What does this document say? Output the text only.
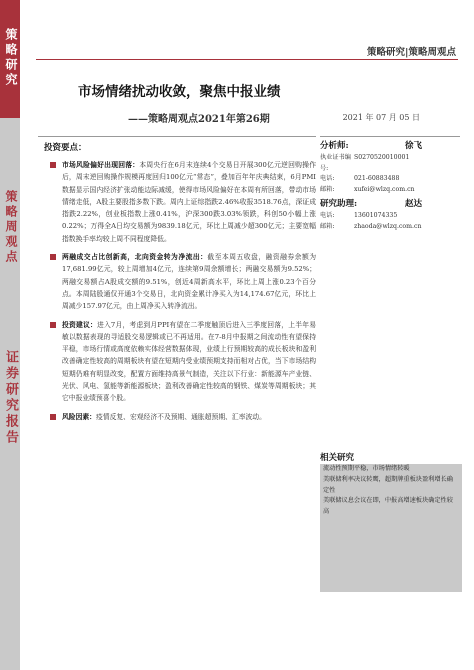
策略研究
策略周观点
证券研究报告
策略研究|策略周观点
市场情绪扰动收敛，聚焦中报业绩
——策略周观点2021年第26期	2021 年 07 月 05 日
投资要点：
市场风险偏好出现回落：本周央行在6月末连续4个交易日开展300亿元逆回购操作后，周末逆回购操作规模再度回归100亿元“常态”，叠加百年年庆典结束，6月PMI数据显示国内经济扩张动能边际减缓，使得市场风险偏好在本周有所回落，带动市场情绪走低，A股主要股指多数下跌。周内上证综指跌2.46%收报3518.76点，深证成指跌2.22%，创业板指数上涨0.41%，沪深300跌3.03%领跌，科创50小幅上涨0.22%；万得全A日均交易额为9839.18亿元，环比上周减少超300亿元；主要宽幅指数换手率均较上周不同程度降低。
两融成交占比创新高，北向资金转为净流出：截至本周五收盘，融资融券余额为17,681.99亿元，较上周增加4亿元，连续第9周余额增长；两融交易额为9.52%；两融交易额占A股成交额的9.51%，创近4周新高水平，环比上周上涨0.23个百分点。本周陆股通仅开通3个交易日，北向资金累计净买入为14,174.67亿元，环比上周减少157.97亿元，由上周净买入转净流出。
投资建议：进入7月，考虑到月PPI有望在二季度触顶后进入三季度回落，上半年易敏以数据表现的寻适股交易逻辑或已不再适用。在7-8月中报期之间流动性有望保持平稳，市场行情或高度依赖实体经营数据体现，业绩上行预期较高的成长板块和盈利改善确定性较高的周期板块有望在短期内受业绩预期支持而相对占优，当下市场结构短期仍难有明显改变，配置方面维持高景气制造，关注以下行业：新能源车产业链、光伏、风电、氢能等新能源板块；盈利改善确定性较高的钢铁、煤炭等周期板块；其它中报业绩预喜个股。
风险因素：疫情反复、宏观经济不及预期、通胀超预期、汇率波动。
分析师:	徐飞
执业证书编号:
S0270520010001
电话:	021-60883488
邮箱:	xufei@wlzq.com.cn
研究助理:	赵达
电话:	13601074335
邮箱:	zhaoda@wlzq.com.cn
相关研究
流动性预期平稳，市场情绪转暖
美联储利率决议转鹰，超期牌重板块盈利增长确定性
美联储议息会议在即，中报高增速板块确定性较高
